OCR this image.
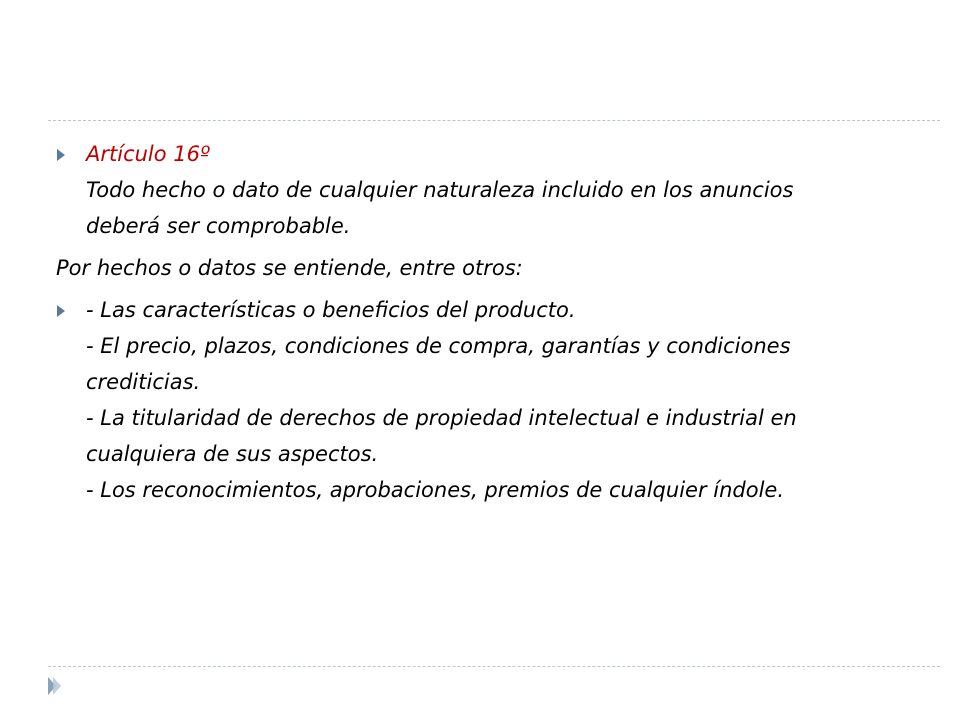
Artículo 16º
Todo hecho o dato de cualquier naturaleza incluido en los anuncios
deberá ser comprobable.
Por hechos o datos se entiende, entre otros:
- Las características o beneficios del producto.
- El precio, plazos, condiciones de compra, garantías y condiciones
crediticias.
- La titularidad de derechos de propiedad intelectual e industrial en
cualquiera de sus aspectos.
- Los reconocimientos, aprobaciones, premios de cualquier índole.
